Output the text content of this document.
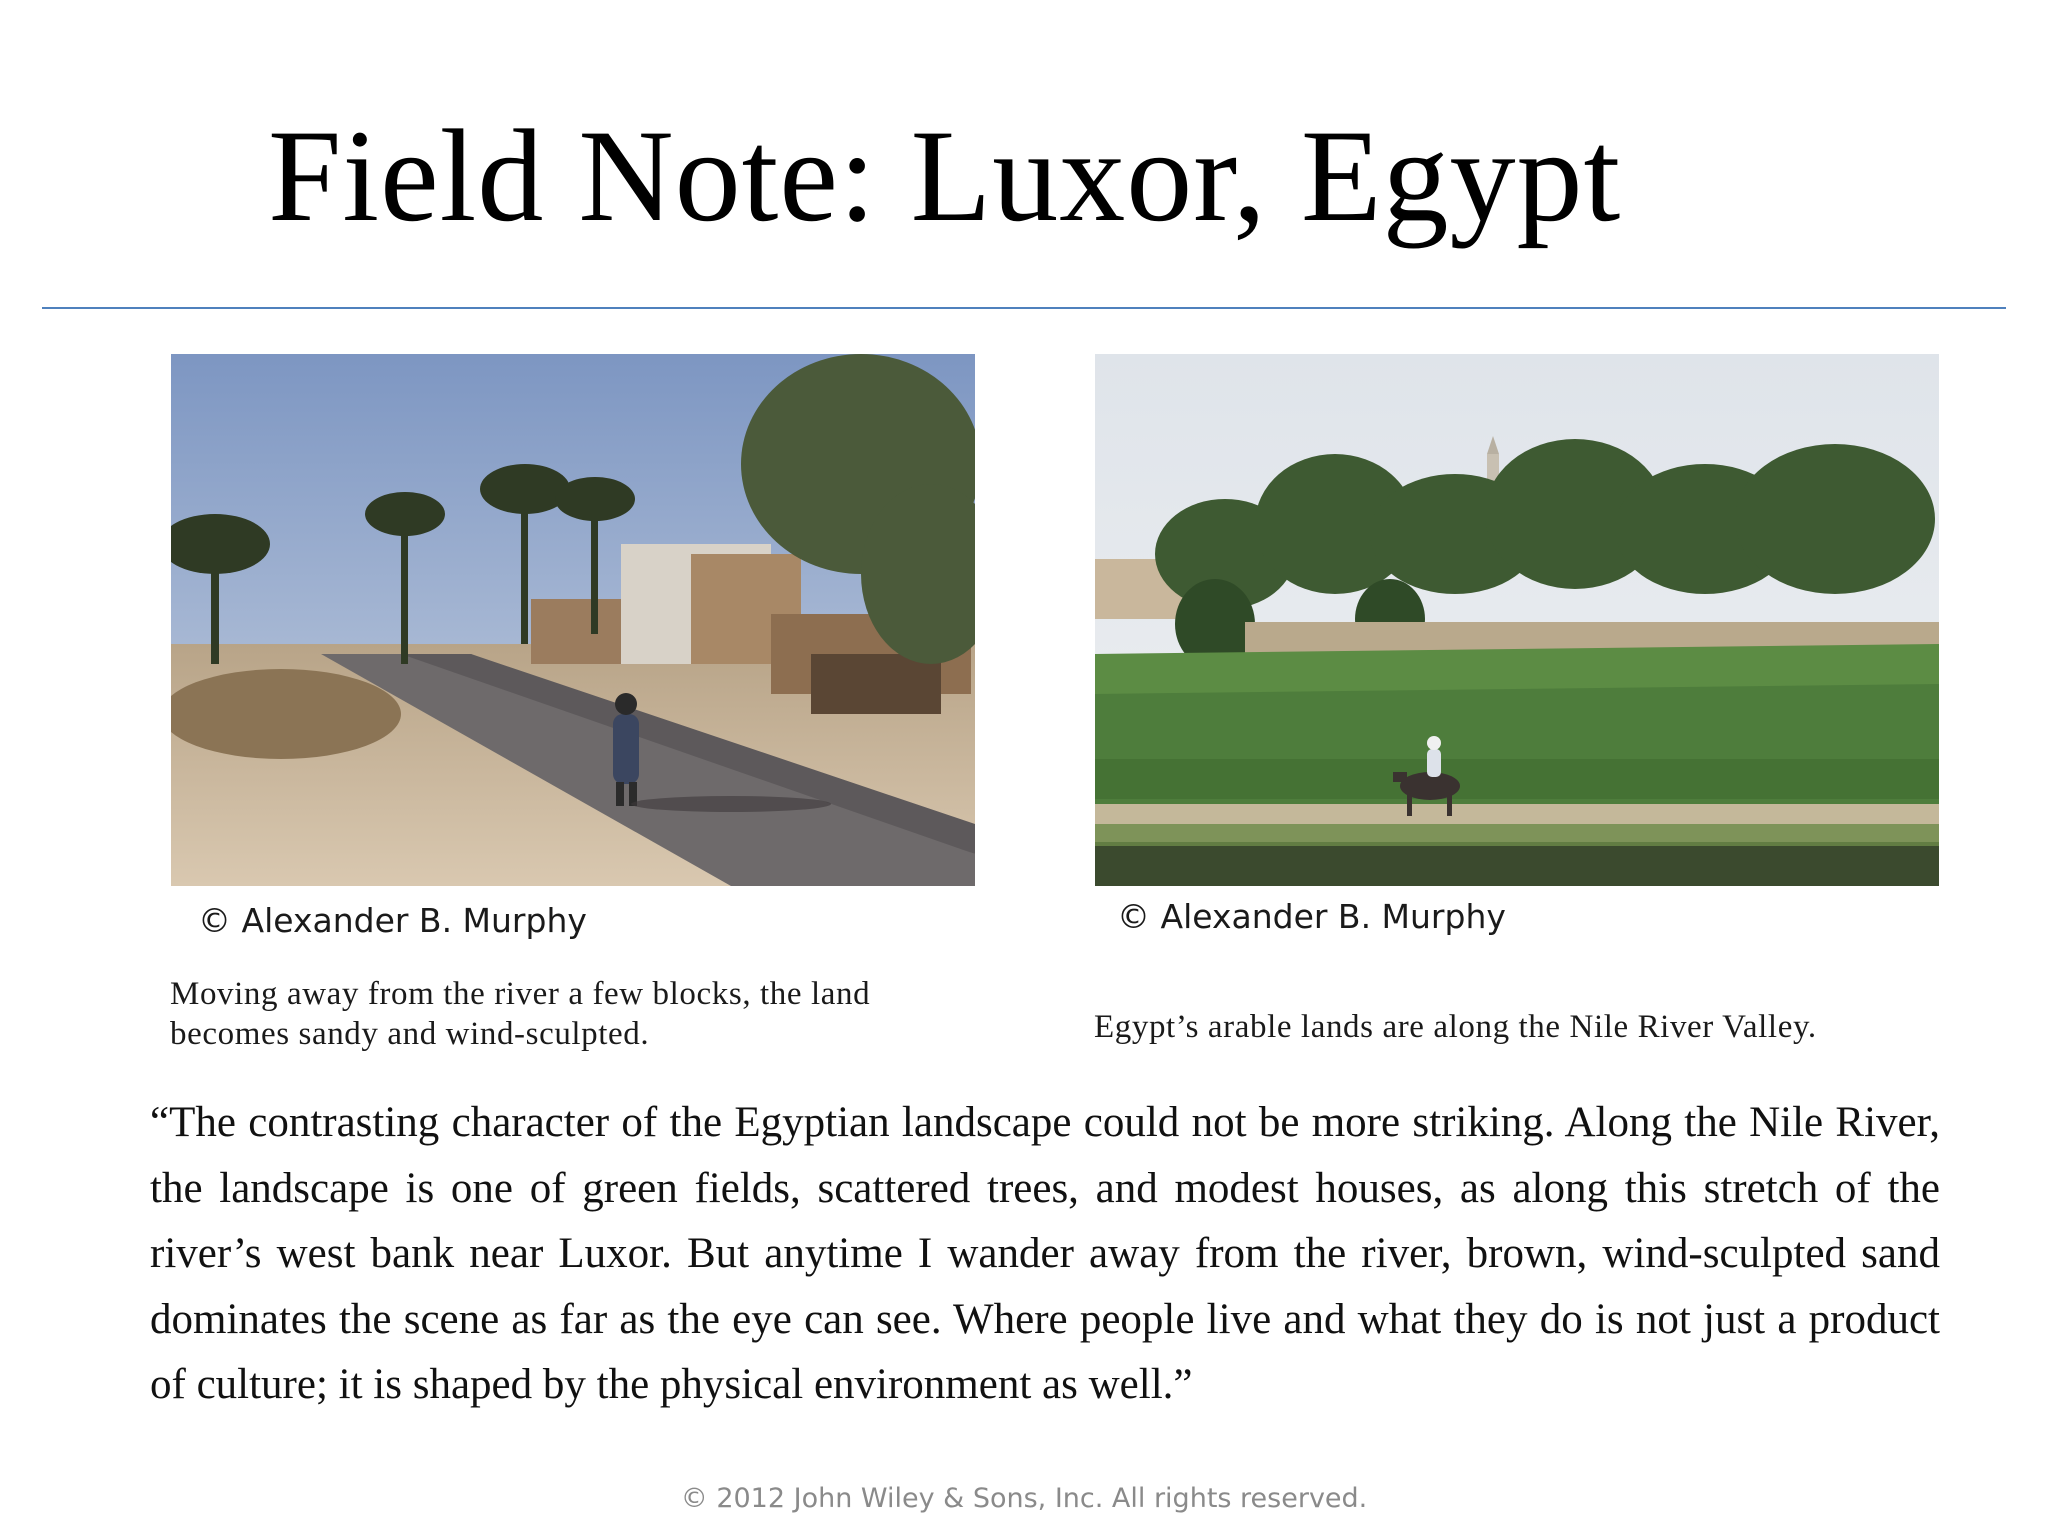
Field Note: Luxor, Egypt
© Alexander B. Murphy	© Alexander B. Murphy
Moving away from the river a few blocks, the land becomes sandy and wind-sculpted.	Egypt’s arable lands are along the Nile River Valley.

“The contrasting character of the Egyptian landscape could not be more striking. Along the Nile River, the landscape is one of green fields, scattered trees, and modest houses, as along this stretch of the river’s west bank near Luxor. But anytime I wander away from the river, brown, wind-sculpted sand dominates the scene as far as the eye can see. Where people live and what they do is not just a product of culture; it is shaped by the physical environment as well.”

© 2012 John Wiley & Sons, Inc. All rights reserved.
